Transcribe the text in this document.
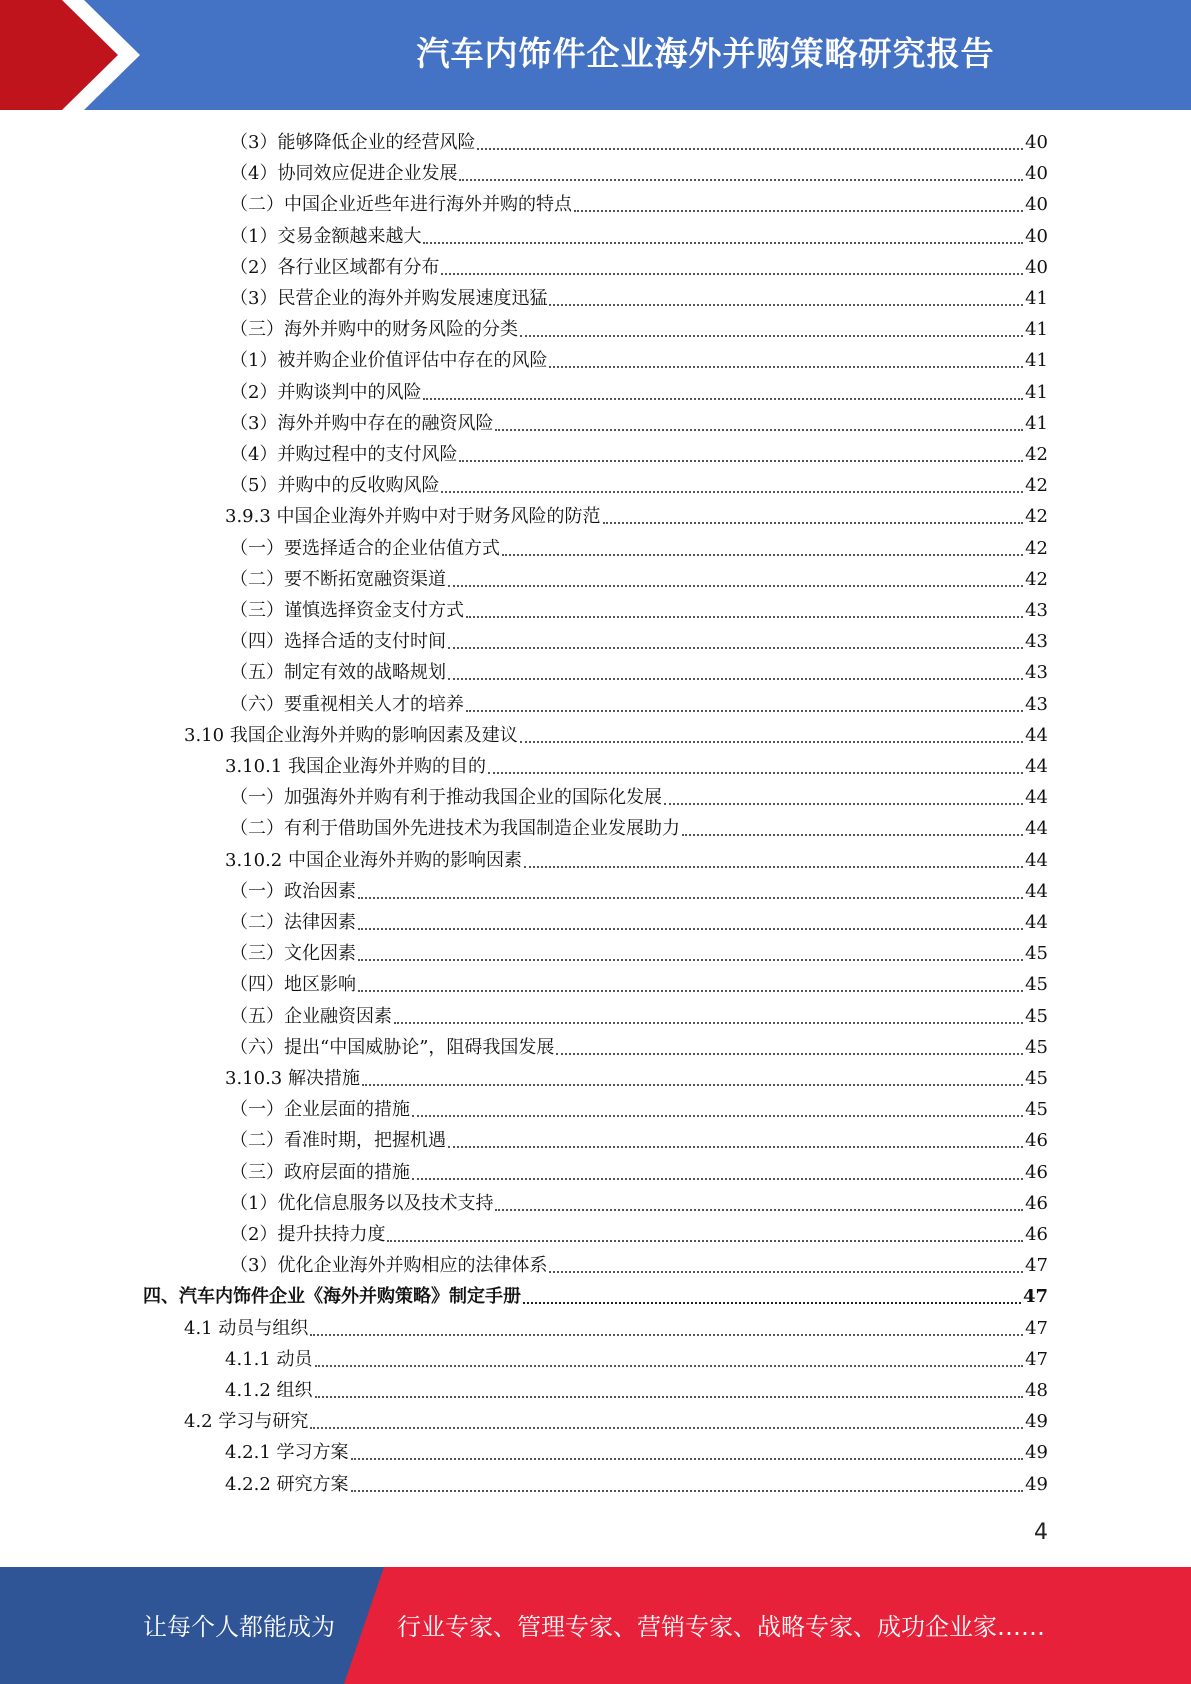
汽车内饰件企业海外并购策略研究报告
（3）能够降低企业的经营风险	40
（4）协同效应促进企业发展	40
（二）中国企业近些年进行海外并购的特点	40
（1）交易金额越来越大	40
（2）各行业区域都有分布	40
（3）民营企业的海外并购发展速度迅猛	41
（三）海外并购中的财务风险的分类	41
（1）被并购企业价值评估中存在的风险	41
（2）并购谈判中的风险	41
（3）海外并购中存在的融资风险	41
（4）并购过程中的支付风险	42
（5）并购中的反收购风险	42
3.9.3 中国企业海外并购中对于财务风险的防范	42
（一）要选择适合的企业估值方式	42
（二）要不断拓宽融资渠道	42
（三）谨慎选择资金支付方式	43
（四）选择合适的支付时间	43
（五）制定有效的战略规划	43
（六）要重视相关人才的培养	43
3.10 我国企业海外并购的影响因素及建议	44
3.10.1 我国企业海外并购的目的	44
（一）加强海外并购有利于推动我国企业的国际化发展	44
（二）有利于借助国外先进技术为我国制造企业发展助力	44
3.10.2 中国企业海外并购的影响因素	44
（一）政治因素	44
（二）法律因素	44
（三）文化因素	45
（四）地区影响	45
（五）企业融资因素	45
（六）提出“中国威胁论”，阻碍我国发展	45
3.10.3 解决措施	45
（一）企业层面的措施	45
（二）看准时期，把握机遇	46
（三）政府层面的措施	46
（1）优化信息服务以及技术支持	46
（2）提升扶持力度	46
（3）优化企业海外并购相应的法律体系	47
四、汽车内饰件企业《海外并购策略》制定手册	47
4.1 动员与组织	47
4.1.1 动员	47
4.1.2 组织	48
4.2 学习与研究	49
4.2.1 学习方案	49
4.2.2 研究方案	49
4
让每个人都能成为	行业专家、管理专家、营销专家、战略专家、成功企业家……
